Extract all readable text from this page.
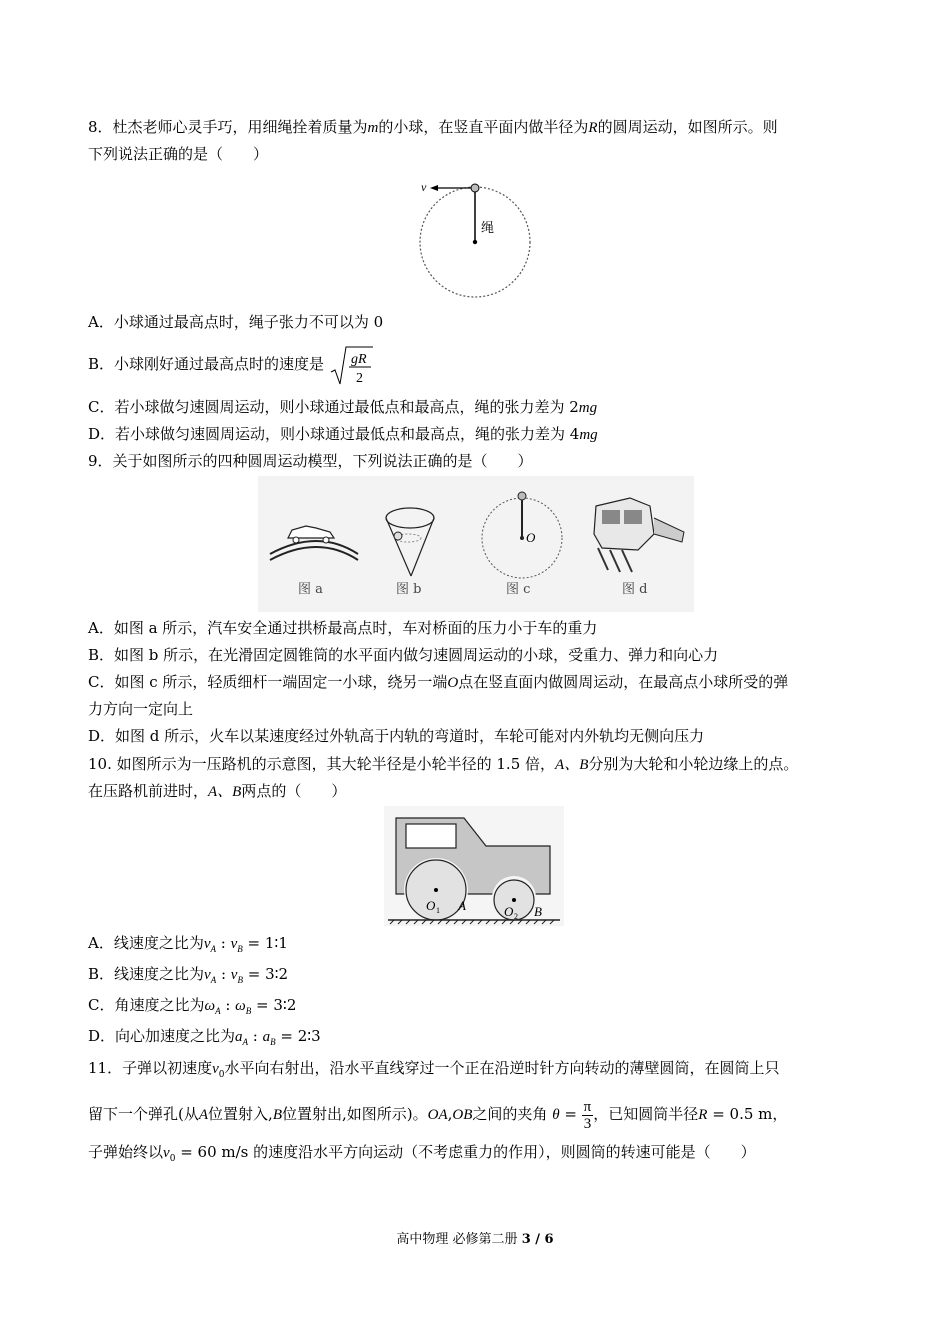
8．杜杰老师心灵手巧，用细绳拴着质量为m的小球，在竖直平面内做半径为R的圆周运动，如图所示。则
下列说法正确的是（　　）
v
绳
A．小球通过最高点时，绳子张力不可以为 0
B．小球刚好通过最高点时的速度是 gR
2
C．若小球做匀速圆周运动，则小球通过最低点和最高点，绳的张力差为 2mg
D．若小球做匀速圆周运动，则小球通过最低点和最高点，绳的张力差为 4mg
9．关于如图所示的四种圆周运动模型，下列说法正确的是（　　）
图 a	图 b
O
图 c	图 d
A．如图 a 所示，汽车安全通过拱桥最高点时，车对桥面的压力小于车的重力
B．如图 b 所示，在光滑固定圆锥筒的水平面内做匀速圆周运动的小球，受重力、弹力和向心力
C．如图 c 所示，轻质细杆一端固定一小球，绕另一端O点在竖直面内做圆周运动，在最高点小球所受的弹
力方向一定向上
D．如图 d 所示，火车以某速度经过外轨高于内轨的弯道时，车轮可能对内外轨均无侧向压力
10. 如图所示为一压路机的示意图，其大轮半径是小轮半径的 1.5 倍，A、B分别为大轮和小轮边缘上的点。
在压路机前进时，A、B两点的（　　）
O 1 A	O 2 B
A．线速度之比为$v_A$ : $v_B$ = 1∶1
B．线速度之比为$v_A$ : $v_B$ = 3∶2
C．角速度之比为$\omega_A$ : $\omega_B$ = 3∶2
D．向心加速度之比为$a_A$ : $a_B$ = 2∶3
11．子弹以初速度$v_0$水平向右射出，沿水平直线穿过一个正在沿逆时针方向转动的薄壁圆筒，在圆筒上只
留下一个弹孔(从A位置射入,B位置射出,如图所示)。OA,OB之间的夹角 $\theta = \frac{\pi}{3}$ ，已知圆筒半径R = 0.5 m，
子弹始终以$v_0 = 60$ m/s 的速度沿水平方向运动（不考虑重力的作用），则圆筒的转速可能是（　　）
高中物理 必修第二册 3 / 6
